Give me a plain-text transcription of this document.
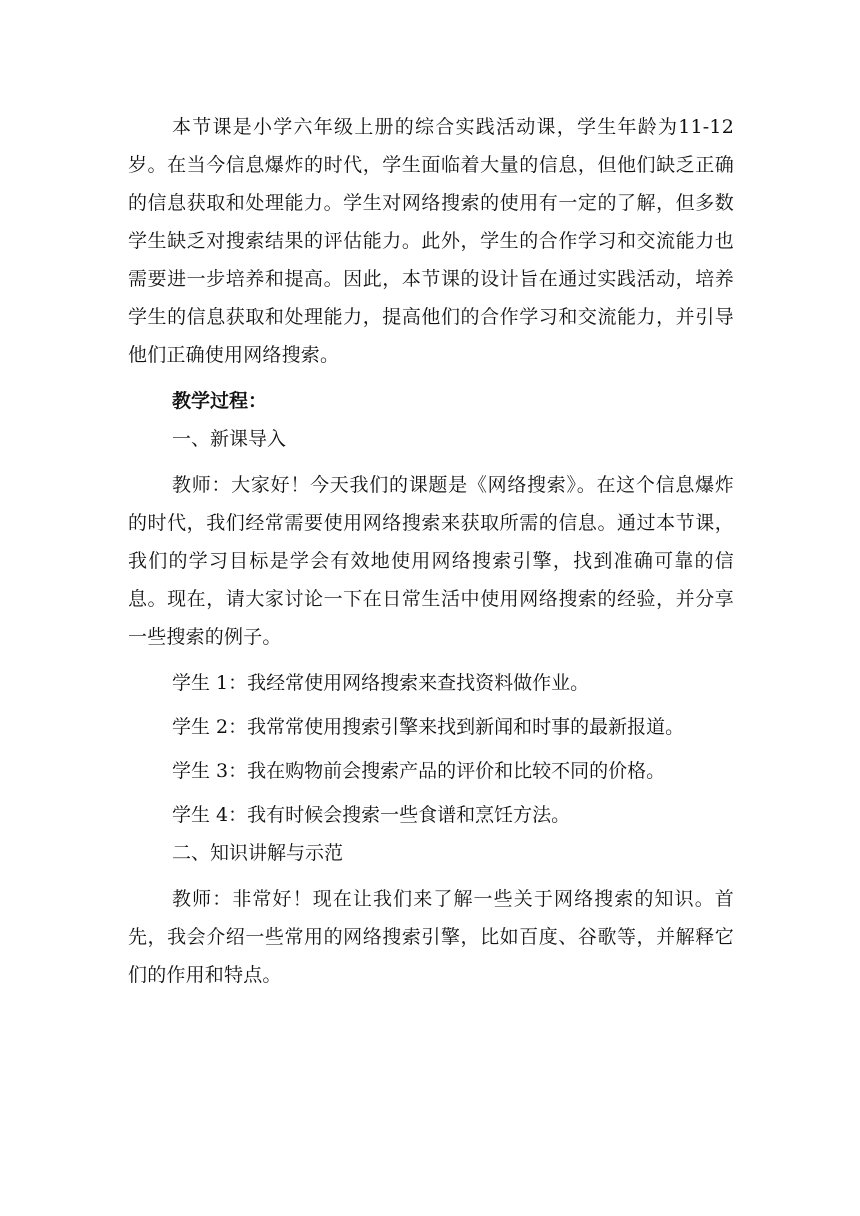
本节课是小学六年级上册的综合实践活动课，学生年龄为11-12岁。在当今信息爆炸的时代，学生面临着大量的信息，但他们缺乏正确的信息获取和处理能力。学生对网络搜索的使用有一定的了解，但多数学生缺乏对搜索结果的评估能力。此外，学生的合作学习和交流能力也需要进一步培养和提高。因此，本节课的设计旨在通过实践活动，培养学生的信息获取和处理能力，提高他们的合作学习和交流能力，并引导他们正确使用网络搜索。

教学过程：

一、新课导入

教师：大家好！今天我们的课题是《网络搜索》。在这个信息爆炸的时代，我们经常需要使用网络搜索来获取所需的信息。通过本节课，我们的学习目标是学会有效地使用网络搜索引擎，找到准确可靠的信息。现在，请大家讨论一下在日常生活中使用网络搜索的经验，并分享一些搜索的例子。

学生 1：我经常使用网络搜索来查找资料做作业。

学生 2：我常常使用搜索引擎来找到新闻和时事的最新报道。

学生 3：我在购物前会搜索产品的评价和比较不同的价格。

学生 4：我有时候会搜索一些食谱和烹饪方法。

二、知识讲解与示范

教师：非常好！现在让我们来了解一些关于网络搜索的知识。首先，我会介绍一些常用的网络搜索引擎，比如百度、谷歌等，并解释它们的作用和特点。
